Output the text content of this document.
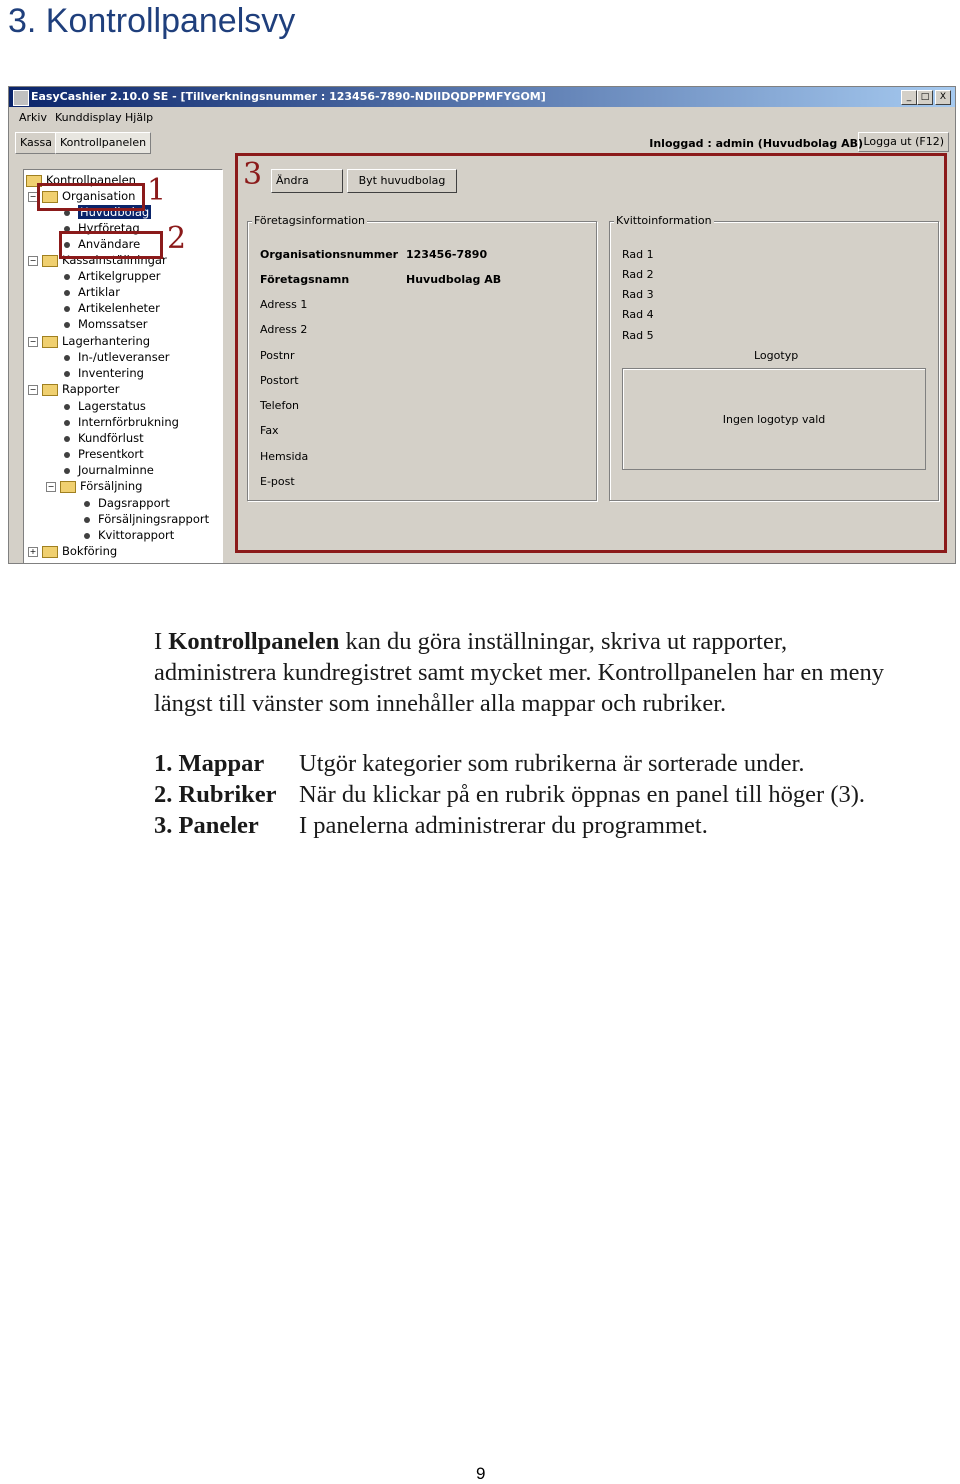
3. Kontrollpanelsvy
EasyCashier 2.10.0 SE - [Tillverkningsnummer : 123456-7890-NDIIDQDPPMFYGOM]	_	□	X
Arkiv Kunddisplay Hjälp
Kassa Kontrollpanelen	Inloggad : admin (Huvudbolag AB) Logga ut (F12)
Kontrollpanelen
− Organisation
Huvudbolag
Hyrföretag
Användare
− Kassainställningar
Artikelgrupper
Artiklar
Artikelenheter
Momssatser
− Lagerhantering
In-/utleveranser
Inventering
− Rapporter
Lagerstatus
Internförbrukning
Kundförlust
Presentkort
Journalminne
− Försäljning
Dagsrapport
Försäljningsrapport
Kvittorapport
+ Bokföring
1
2
3	Ändra	Byt huvudbolag
Företagsinformation
Organisationsnummer 123456-7890
Företagsnamn	Huvudbolag AB
Adress 1
Adress 2
Postnr
Postort
Telefon
Fax
Hemsida
E-post
Kvittoinformation
Rad 1
Rad 2
Rad 3
Rad 4
Rad 5
Logotyp
Ingen logotyp vald
I Kontrollpanelen kan du göra inställningar, skriva ut rapporter,
administrera kundregistret samt mycket mer. Kontrollpanelen har en meny
längst till vänster som innehåller alla mappar och rubriker.
1. Mappar Utgör kategorier som rubrikerna är sorterade under.
2. Rubriker När du klickar på en rubrik öppnas en panel till höger (3).
3. Paneler I panelerna administrerar du programmet.
9
